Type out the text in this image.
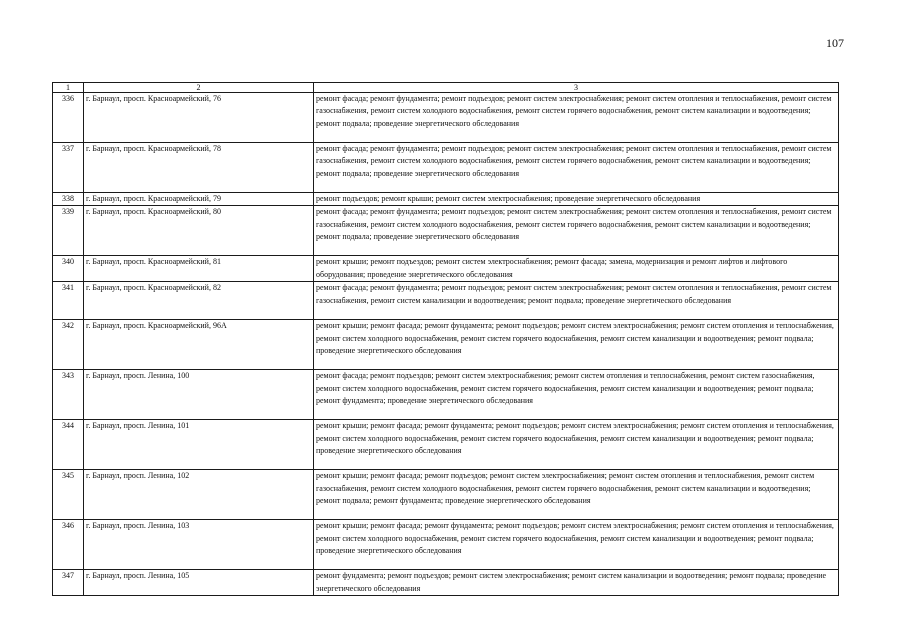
107
1	2	3
336	г. Барнаул, просп. Красноармейский, 76	ремонт фасада; ремонт фундамента; ремонт подъездов; ремонт систем электроснабжения; ремонт систем отопления и теплоснабжения, ремонт систем газоснабжения, ремонт систем холодного водоснабжения, ремонт систем горячего водоснабжения, ремонт систем канализации и водоотведения; ремонт подвала; проведение энергетического обследования
337	г. Барнаул, просп. Красноармейский, 78	ремонт фасада; ремонт фундамента; ремонт подъездов; ремонт систем электроснабжения; ремонт систем отопления и теплоснабжения, ремонт систем газоснабжения, ремонт систем холодного водоснабжения, ремонт систем горячего водоснабжения, ремонт систем канализации и водоотведения; ремонт подвала; проведение энергетического обследования
338	г. Барнаул, просп. Красноармейский, 79	ремонт подъездов; ремонт крыши; ремонт систем электроснабжения; проведение энергетического обследования
339	г. Барнаул, просп. Красноармейский, 80	ремонт фасада; ремонт фундамента; ремонт подъездов; ремонт систем электроснабжения; ремонт систем отопления и теплоснабжения, ремонт систем газоснабжения, ремонт систем холодного водоснабжения, ремонт систем горячего водоснабжения, ремонт систем канализации и водоотведения; ремонт подвала; проведение энергетического обследования
340	г. Барнаул, просп. Красноармейский, 81	ремонт крыши; ремонт подъездов; ремонт систем электроснабжения; ремонт фасада; замена, модернизация и ремонт лифтов и лифтового оборудования; проведение энергетического обследования
341	г. Барнаул, просп. Красноармейский, 82	ремонт фасада; ремонт фундамента; ремонт подъездов; ремонт систем электроснабжения; ремонт систем отопления и теплоснабжения, ремонт систем газоснабжения, ремонт систем канализации и водоотведения; ремонт подвала; проведение энергетического обследования
342	г. Барнаул, просп. Красноармейский, 96А	ремонт крыши; ремонт фасада; ремонт фундамента; ремонт подъездов; ремонт систем электроснабжения; ремонт систем отопления и теплоснабжения, ремонт систем холодного водоснабжения, ремонт систем горячего водоснабжения, ремонт систем канализации и водоотведения; ремонт подвала; проведение энергетического обследования
343	г. Барнаул, просп. Ленина, 100	ремонт фасада; ремонт подъездов; ремонт систем электроснабжения; ремонт систем отопления и теплоснабжения, ремонт систем газоснабжения, ремонт систем холодного водоснабжения, ремонт систем горячего водоснабжения, ремонт систем канализации и водоотведения; ремонт подвала; ремонт фундамента; проведение энергетического обследования
344	г. Барнаул, просп. Ленина, 101	ремонт крыши; ремонт фасада; ремонт фундамента; ремонт подъездов; ремонт систем электроснабжения; ремонт систем отопления и теплоснабжения, ремонт систем холодного водоснабжения, ремонт систем горячего водоснабжения, ремонт систем канализации и водоотведения; ремонт подвала; проведение энергетического обследования
345	г. Барнаул, просп. Ленина, 102	ремонт крыши; ремонт фасада; ремонт подъездов; ремонт систем электроснабжения; ремонт систем отопления и теплоснабжения, ремонт систем газоснабжения, ремонт систем холодного водоснабжения, ремонт систем горячего водоснабжения, ремонт систем канализации и водоотведения; ремонт подвала; ремонт фундамента; проведение энергетического обследования
346	г. Барнаул, просп. Ленина, 103	ремонт крыши; ремонт фасада; ремонт фундамента; ремонт подъездов; ремонт систем электроснабжения; ремонт систем отопления и теплоснабжения, ремонт систем холодного водоснабжения, ремонт систем горячего водоснабжения, ремонт систем канализации и водоотведения; ремонт подвала; проведение энергетического обследования
347	г. Барнаул, просп. Ленина, 105	ремонт фундамента; ремонт подъездов; ремонт систем электроснабжения; ремонт систем канализации и водоотведения; ремонт подвала; проведение энергетического обследования
